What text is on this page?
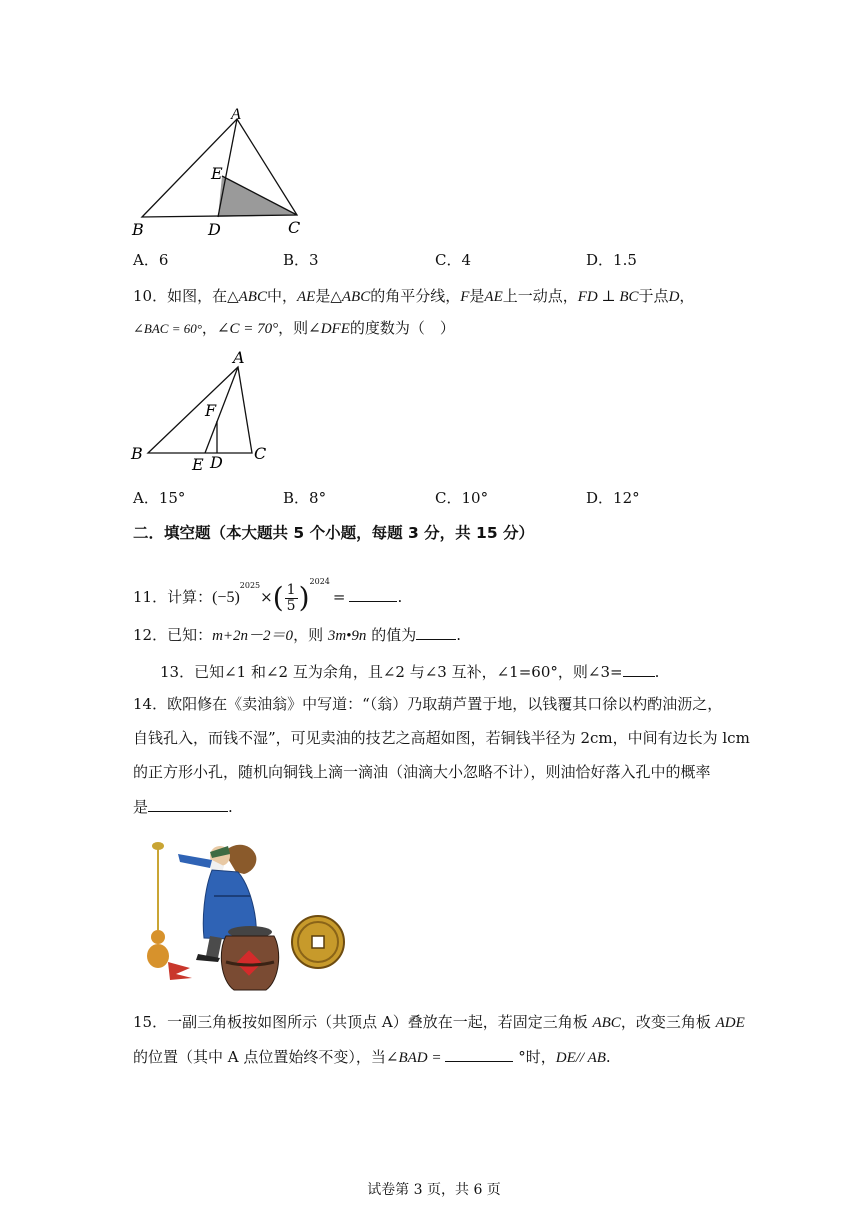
A
E
B	D	C
A．6	B．3	C．4	D．1.5
10．如图，在△ABC中，AE是△ABC的角平分线，F是AE上一动点，FD ⊥ BC于点D，
∠BAC = 60°，∠C = 70°，则∠DFE的度数为（　）
A
F
B
E D C
A．15°	B．8°	C．10°	D．12°
二．填空题（本大题共 5 个小题，每题 3 分，共 15 分）
11．计算：$(-5)^{2025}\times( \frac{1}{5} )^{2024}=$	.
12．已知：m+2n－2＝0，则 3m•9n 的值为	.
13．已知∠1 和∠2 互为余角，且∠2 与∠3 互补，∠1=60°，则∠3= .
14．欧阳修在《卖油翁》中写道：“（翁）乃取葫芦置于地，以钱覆其口徐以杓酌油沥之，
自钱孔入，而钱不湿”，可见卖油的技艺之高超如图，若铜钱半径为 2cm，中间有边长为 lcm
的正方形小孔，随机向铜钱上滴一滴油（油滴大小忽略不计），则油恰好落入孔中的概率
是	.
15．一副三角板按如图所示（共顶点 A）叠放在一起，若固定三角板 ABC，改变三角板 ADE
的位置（其中 A 点位置始终不变），当∠BAD =	°时，DE// AB.
试卷第 3 页，共 6 页
